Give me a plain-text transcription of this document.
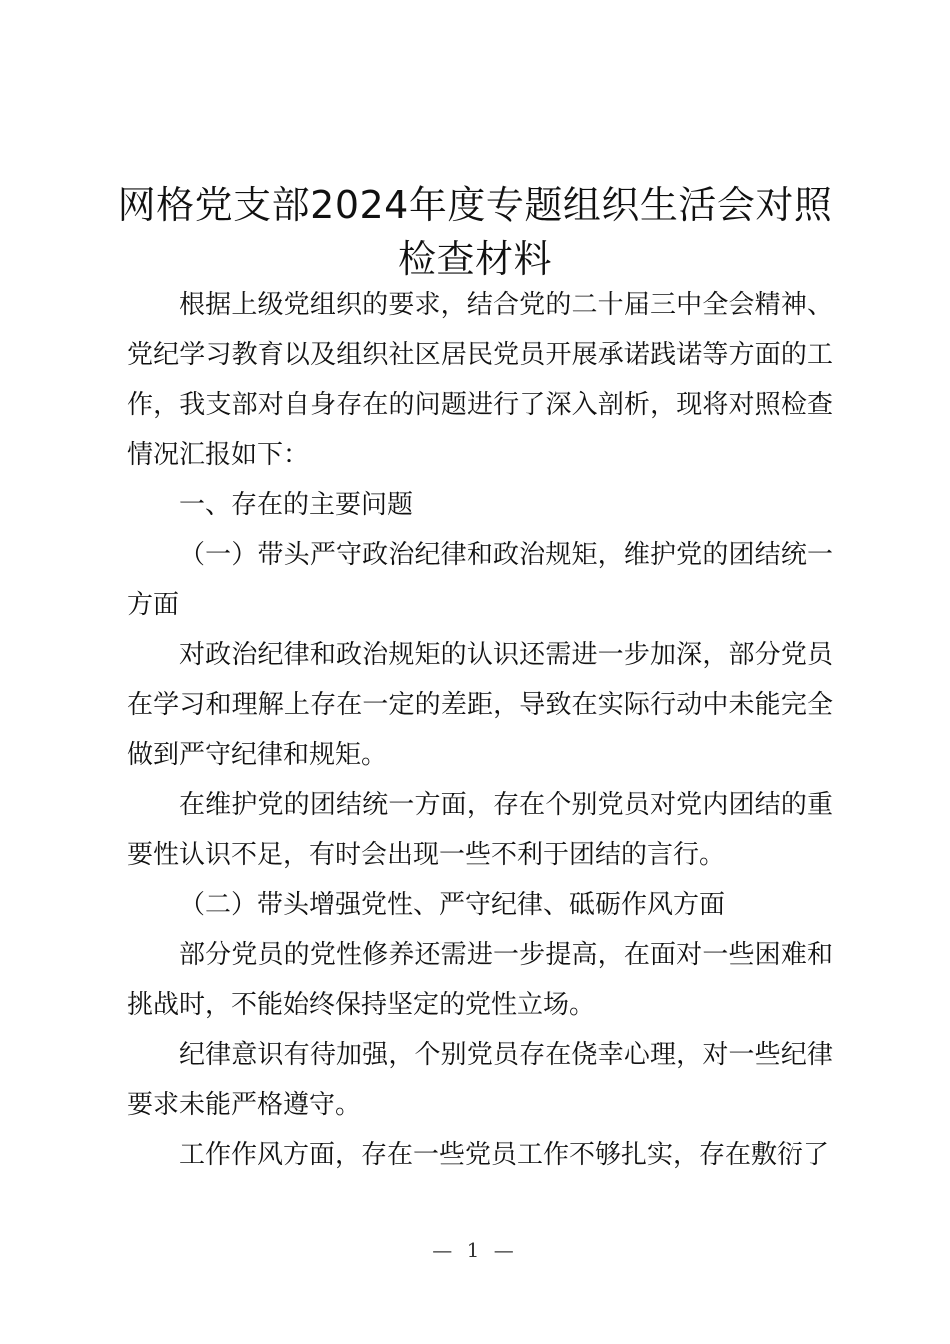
网格党支部2024年度专题组织生活会对照检查材料

根据上级党组织的要求，结合党的二十届三中全会精神、党纪学习教育以及组织社区居民党员开展承诺践诺等方面的工作，我支部对自身存在的问题进行了深入剖析，现将对照检查情况汇报如下：

一、存在的主要问题

（一）带头严守政治纪律和政治规矩，维护党的团结统一方面

对政治纪律和政治规矩的认识还需进一步加深，部分党员在学习和理解上存在一定的差距，导致在实际行动中未能完全做到严守纪律和规矩。

在维护党的团结统一方面，存在个别党员对党内团结的重要性认识不足，有时会出现一些不利于团结的言行。

（二）带头增强党性、严守纪律、砥砺作风方面

部分党员的党性修养还需进一步提高，在面对一些困难和挑战时，不能始终保持坚定的党性立场。

纪律意识有待加强，个别党员存在侥幸心理，对一些纪律要求未能严格遵守。

工作作风方面，存在一些党员工作不够扎实，存在敷衍了

— 1 —
